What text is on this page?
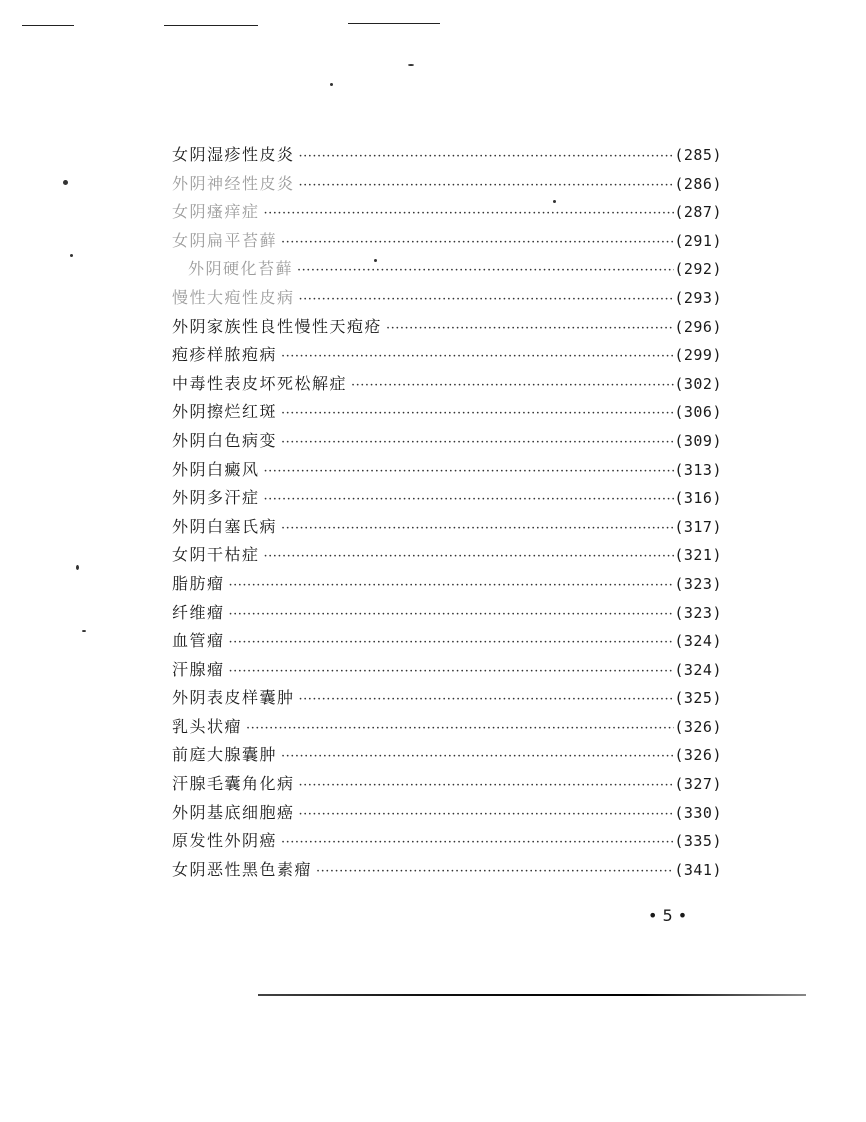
女阴湿疹性皮炎 ·····	(285)
外阴神经性皮炎 ·····	(286)
女阴瘙痒症 ·····	(287)
女阴扁平苔藓 ·····	(291)
外阴硬化苔藓 ·····	(292)
慢性大疱性皮病 ·····	(293)
外阴家族性良性慢性天疱疮 ·····	(296)
疱疹样脓疱病 ·····	(299)
中毒性表皮坏死松解症 ·····	(302)
外阴擦烂红斑 ·····	(306)
外阴白色病变 ·····	(309)
外阴白癜风 ·····	(313)
外阴多汗症 ·····	(316)
外阴白塞氏病 ·····	(317)
女阴干枯症 ·····	(321)
脂肪瘤 ·····	(323)
纤维瘤 ·····	(323)
血管瘤 ·····	(324)
汗腺瘤 ·····	(324)
外阴表皮样囊肿 ·····	(325)
乳头状瘤 ·····	(326)
前庭大腺囊肿 ·····	(326)
汗腺毛囊角化病 ·····	(327)
外阴基底细胞癌 ·····	(330)
原发性外阴癌 ·····	(335)
女阴恶性黑色素瘤 ·····	(341)
• 5 •
